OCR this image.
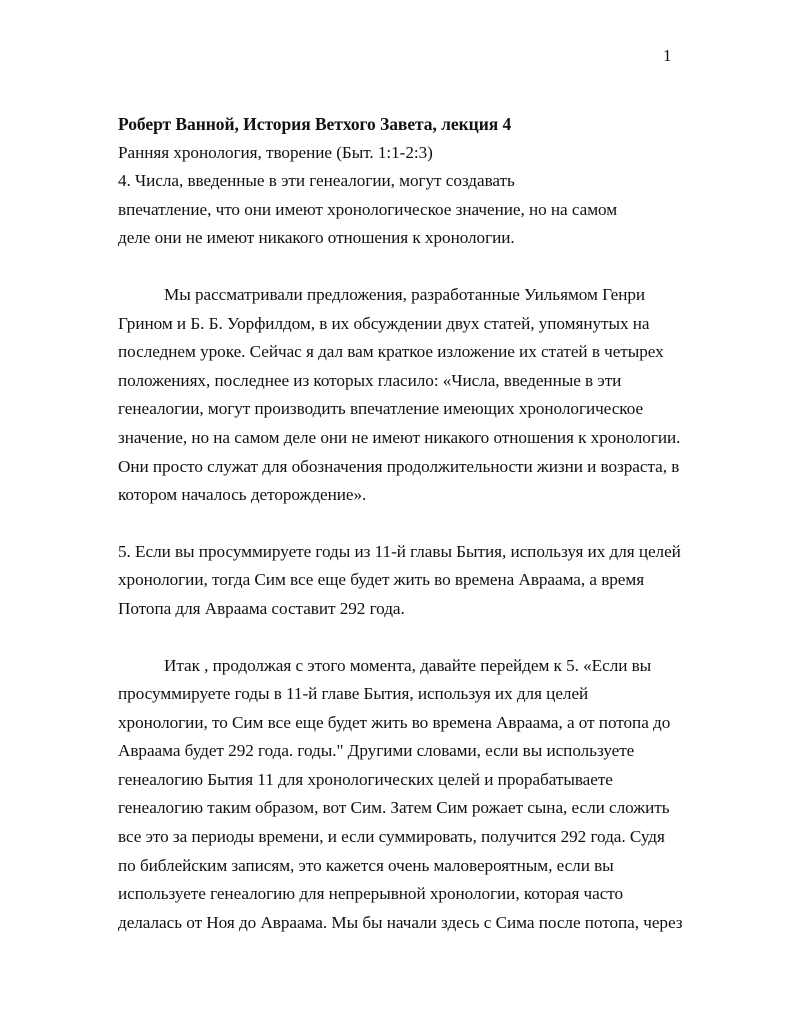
1
Роберт Ванной, История Ветхого Завета, лекция 4
Ранняя хронология, творение (Быт. 1:1-2:3)
4. Числа, введенные в эти генеалогии, могут создавать
впечатление, что они имеют хронологическое значение, но на самом
деле они не имеют никакого отношения к хронологии.
Мы рассматривали предложения, разработанные Уильямом Генри
Грином и Б. Б. Уорфилдом, в их обсуждении двух статей, упомянутых на
последнем уроке. Сейчас я дал вам краткое изложение их статей в четырех
положениях, последнее из которых гласило: «Числа, введенные в эти
генеалогии, могут производить впечатление имеющих хронологическое
значение, но на самом деле они не имеют никакого отношения к хронологии.
Они просто служат для обозначения продолжительности жизни и возраста, в
котором началось деторождение».
5. Если вы просуммируете годы из 11-й главы Бытия, используя их для целей
хронологии, тогда Сим все еще будет жить во времена Авраама, а время
Потопа для Авраама составит 292 года.
Итак , продолжая с этого момента, давайте перейдем к 5. «Если вы
просуммируете годы в 11-й главе Бытия, используя их для целей
хронологии, то Сим все еще будет жить во времена Авраама, а от потопа до
Авраама будет 292 года. годы." Другими словами, если вы используете
генеалогию Бытия 11 для хронологических целей и прорабатываете
генеалогию таким образом, вот Сим. Затем Сим рожает сына, если сложить
все это за периоды времени, и если суммировать, получится 292 года. Судя
по библейским записям, это кажется очень маловероятным, если вы
используете генеалогию для непрерывной хронологии, которая часто
делалась от Ноя до Авраама. Мы бы начали здесь с Сима после потопа, через
